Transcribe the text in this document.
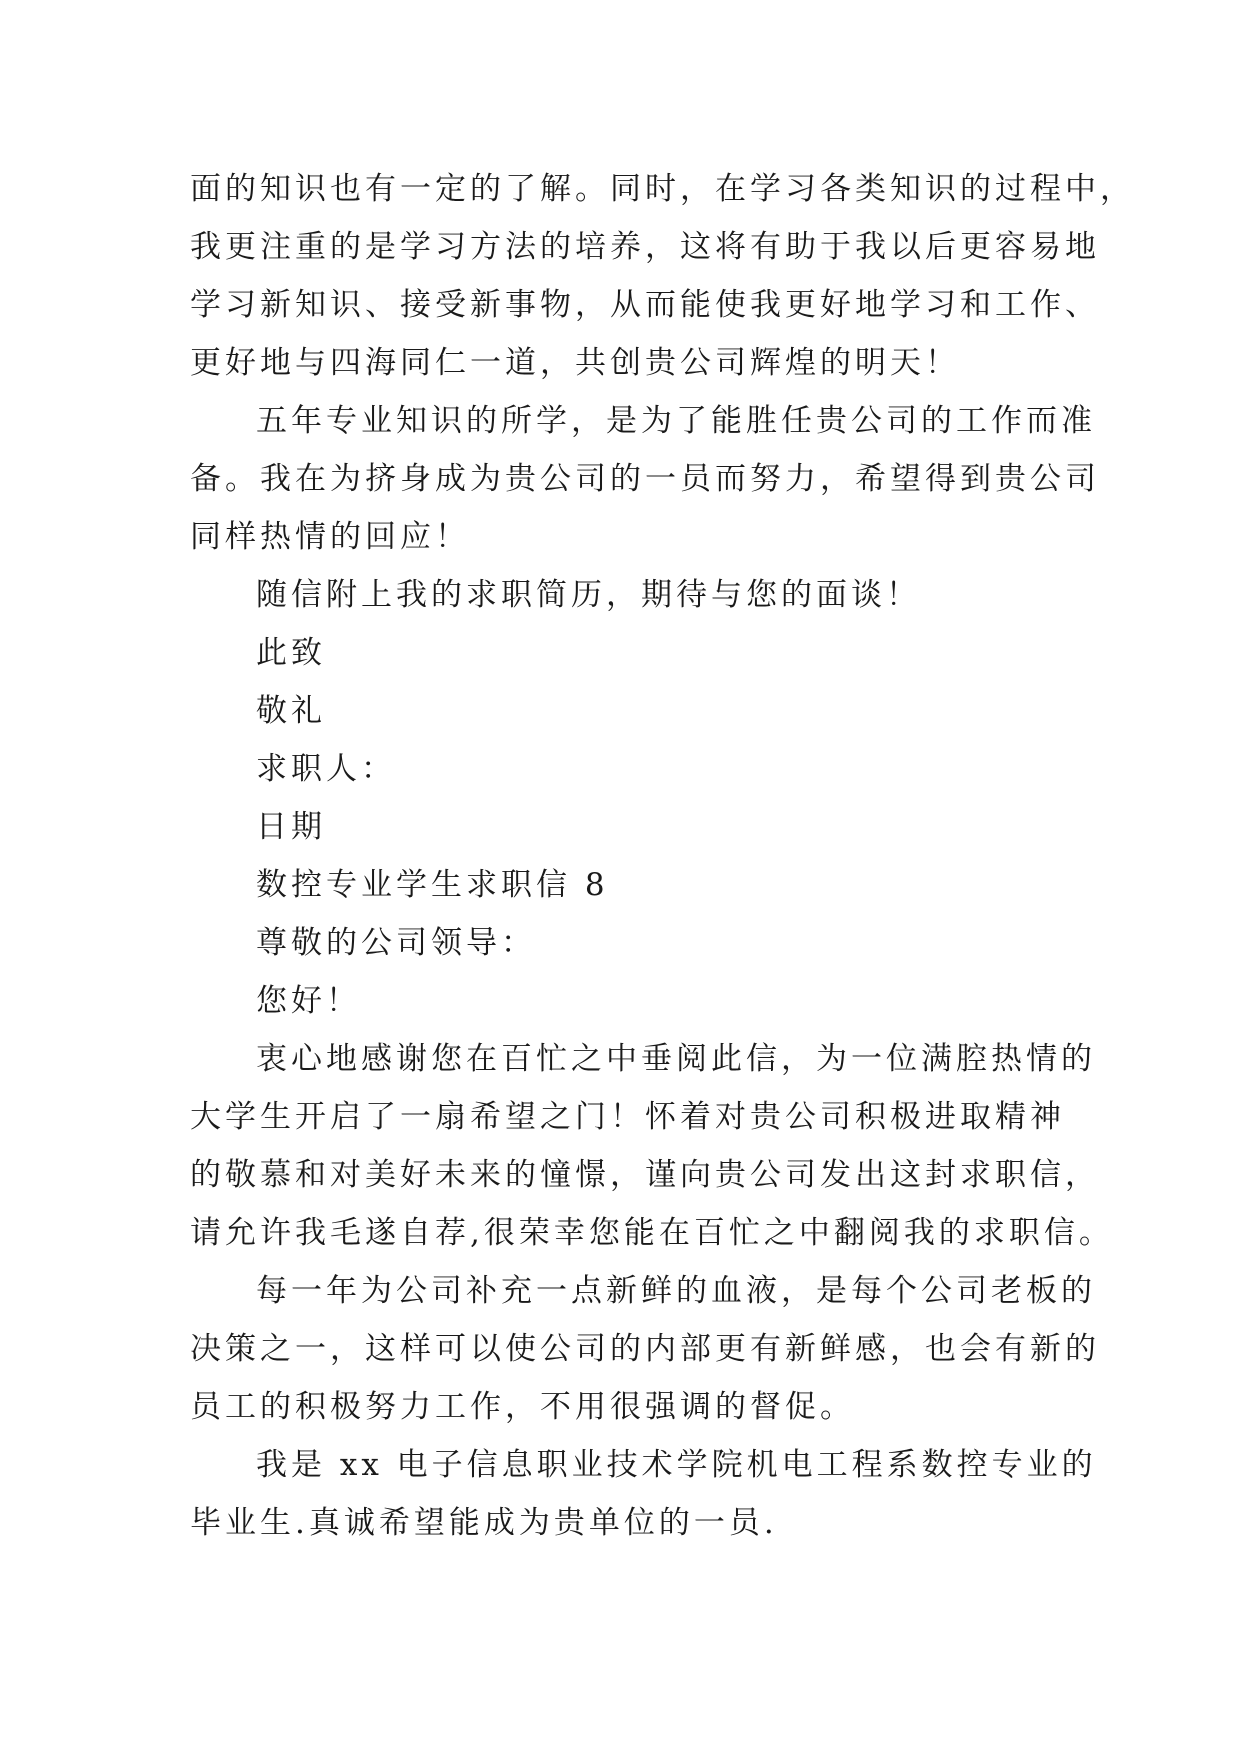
面的知识也有一定的了解。同时，在学习各类知识的过程中，

我更注重的是学习方法的培养，这将有助于我以后更容易地

学习新知识、接受新事物，从而能使我更好地学习和工作、

更好地与四海同仁一道，共创贵公司辉煌的明天！

五年专业知识的所学，是为了能胜任贵公司的工作而准

备。我在为挤身成为贵公司的一员而努力，希望得到贵公司

同样热情的回应！

随信附上我的求职简历，期待与您的面谈！

此致

敬礼

求职人：

日期

数控专业学生求职信 8

尊敬的公司领导：

您好！

衷心地感谢您在百忙之中垂阅此信，为一位满腔热情的

大学生开启了一扇希望之门！怀着对贵公司积极进取精神

的敬慕和对美好未来的憧憬，谨向贵公司发出这封求职信，

请允许我毛遂自荐,很荣幸您能在百忙之中翻阅我的求职信。

每一年为公司补充一点新鲜的血液，是每个公司老板的

决策之一，这样可以使公司的内部更有新鲜感，也会有新的

员工的积极努力工作，不用很强调的督促。

我是 xx 电子信息职业技术学院机电工程系数控专业的

毕业生.真诚希望能成为贵单位的一员.
